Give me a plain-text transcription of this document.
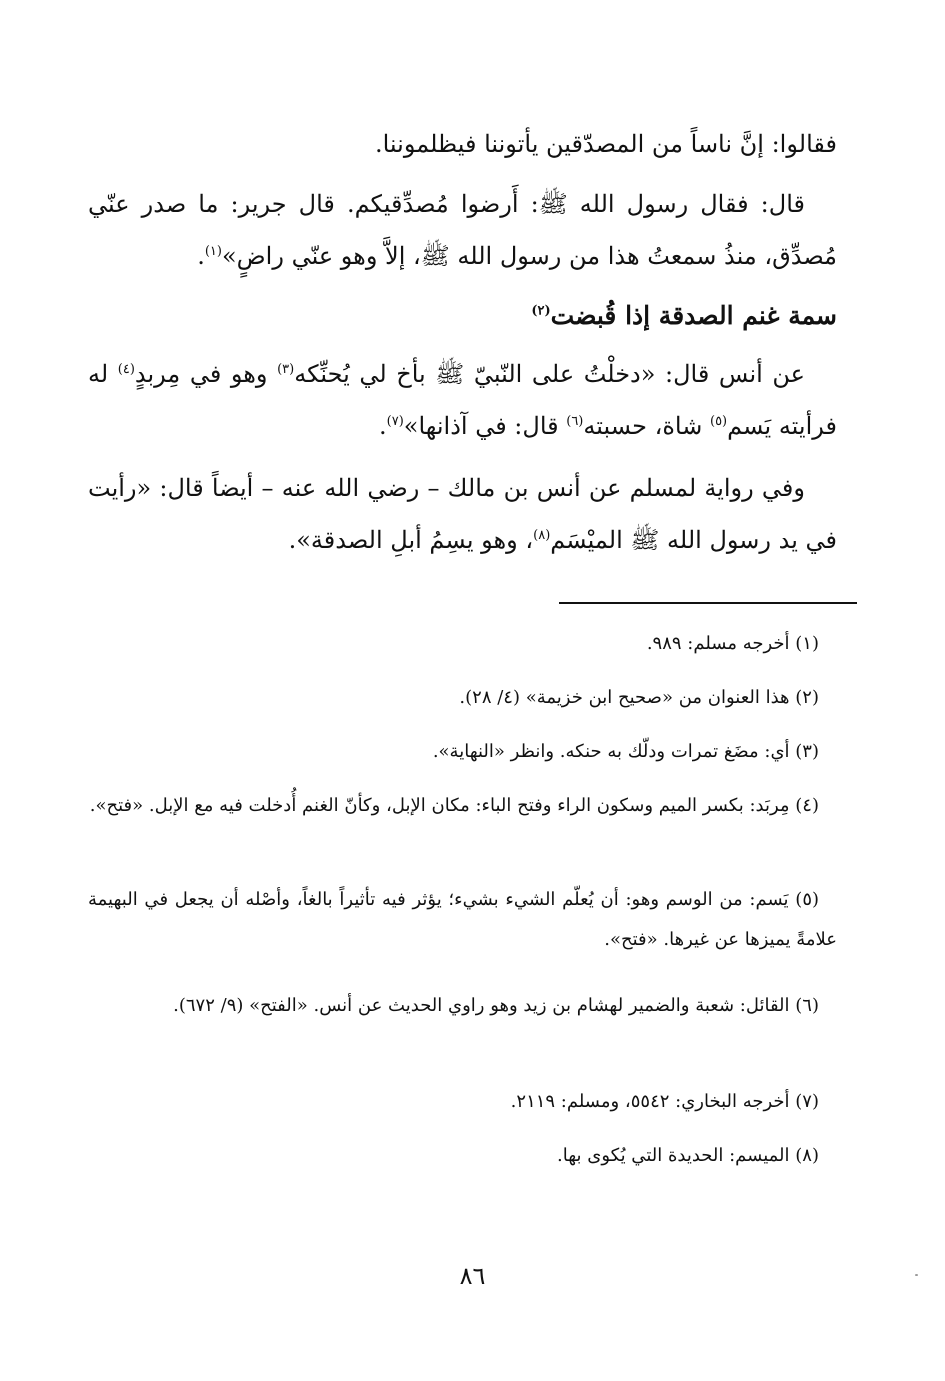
فقالوا: إنَّ ناساً من المصدّقين يأتوننا فيظلموننا.

قال: فقال رسول الله ﷺ: أَرضوا مُصدِّقيكم. قال جرير: ما صدر عنّي مُصدِّق، منذُ سمعتُ هذا من رسول الله ﷺ، إلاَّ وهو عنّي راضٍ»$^{(١)}$.

سمة غنم الصدقة إذا قُبضت$^{(٢)}$

عن أنس قال: «دخلْتُ على النّبيّ ﷺ بأخ لي يُحنِّكه$^{(٣)}$ وهو في مِربدٍ$^{(٤)}$ له فرأيته يَسم$^{(٥)}$ شاة، حسبته$^{(٦)}$ قال: في آذانها»$^{(٧)}$.

وفي رواية لمسلم عن أنس بن مالك – رضي الله عنه – أيضاً قال: «رأيت في يد رسول الله ﷺ الميْسَم$^{(٨)}$، وهو يسِمُ أبلِ الصدقة».

(١) أخرجه مسلم: ٩٨٩.

(٢) هذا العنوان من «صحيح ابن خزيمة» (٤/ ٢٨).

(٣) أي: مضَغ تمرات ودلّك به حنكه. وانظر «النهاية».

(٤) مِربَد: بكسر الميم وسكون الراء وفتح الباء: مكان الإبل، وكأنّ الغنم أُدخلت فيه مع الإبل. «فتح».

(٥) يَسم: من الوسم وهو: أن يُعلّم الشيء بشيء؛ يؤثر فيه تأثيراً بالغاً، وأصْله أن يجعل في البهيمة علامةً يميزها عن غيرها. «فتح».

(٦) القائل: شعبة والضمير لهشام بن زيد وهو راوي الحديث عن أنس. «الفتح» (٩/ ٦٧٢).

(٧) أخرجه البخاري: ٥٥٤٢، ومسلم: ٢١١٩.

(٨) الميسم: الحديدة التي يُكوى بها.

٨٦
